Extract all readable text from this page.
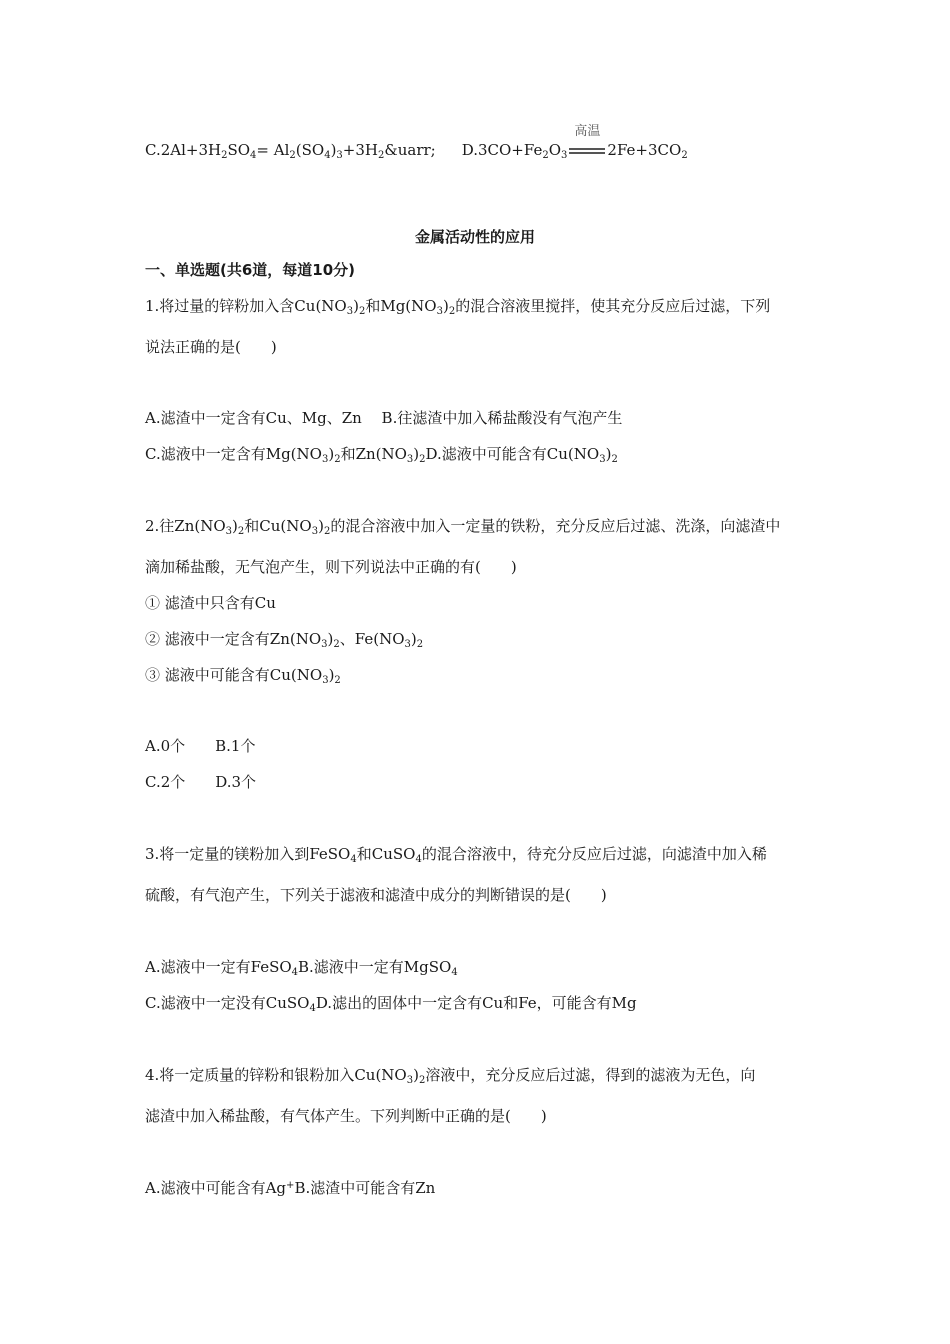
$C.2Al+3H_2SO_4=$ $Al_2(SO_4)_3+3H_2\&uarr$; $D.3CO+Fe_2O_3$
高温
$2Fe+3CO_2$
金属活动性的应用
一、单选题(共6道，每道10分)
1.将过量的锌粉加入含$Cu(NO_3)_2$和$Mg(NO_3)_2$的混合溶液里搅拌，使其充分反应后过滤，下列
说法正确的是(　　)
A.滤渣中一定含有Cu、Mg、Zn　 B.往滤渣中加入稀盐酸没有气泡产生
C.滤液中一定含有$Mg(NO_3)_2$和$Zn(NO_3)_2D$.滤液中可能含有$Cu(NO_3)_2$
2.往$Zn(NO_3)_2$和$Cu(NO_3)_2$的混合溶液中加入一定量的铁粉，充分反应后过滤、洗涤，向滤渣中
滴加稀盐酸，无气泡产生，则下列说法中正确的有(　　)
① 滤渣中只含有Cu
② 滤液中一定含有$Zn(NO_3)_2$、$Fe(NO_3)_2$
③ 滤液中可能含有$Cu(NO_3)_2$
A.0个　　B.1个
C.2个　　D.3个
3.将一定量的镁粉加入到FeSO$_4$和CuSO$_4$的混合溶液中，待充分反应后过滤，向滤渣中加入稀
硫酸，有气泡产生，下列关于滤液和滤渣中成分的判断错误的是(　　)
A.滤液中一定有FeSO$_4$B.滤液中一定有MgSO$_4$
C.滤液中一定没有CuSO$_4$D.滤出的固体中一定含有Cu和Fe，可能含有Mg
4.将一定质量的锌粉和银粉加入$Cu(NO_3)_2$溶液中，充分反应后过滤，得到的滤液为无色，向
滤渣中加入稀盐酸，有气体产生。下列判断中正确的是(　　)
A.滤液中可能含有Ag+B.滤渣中可能含有Zn
